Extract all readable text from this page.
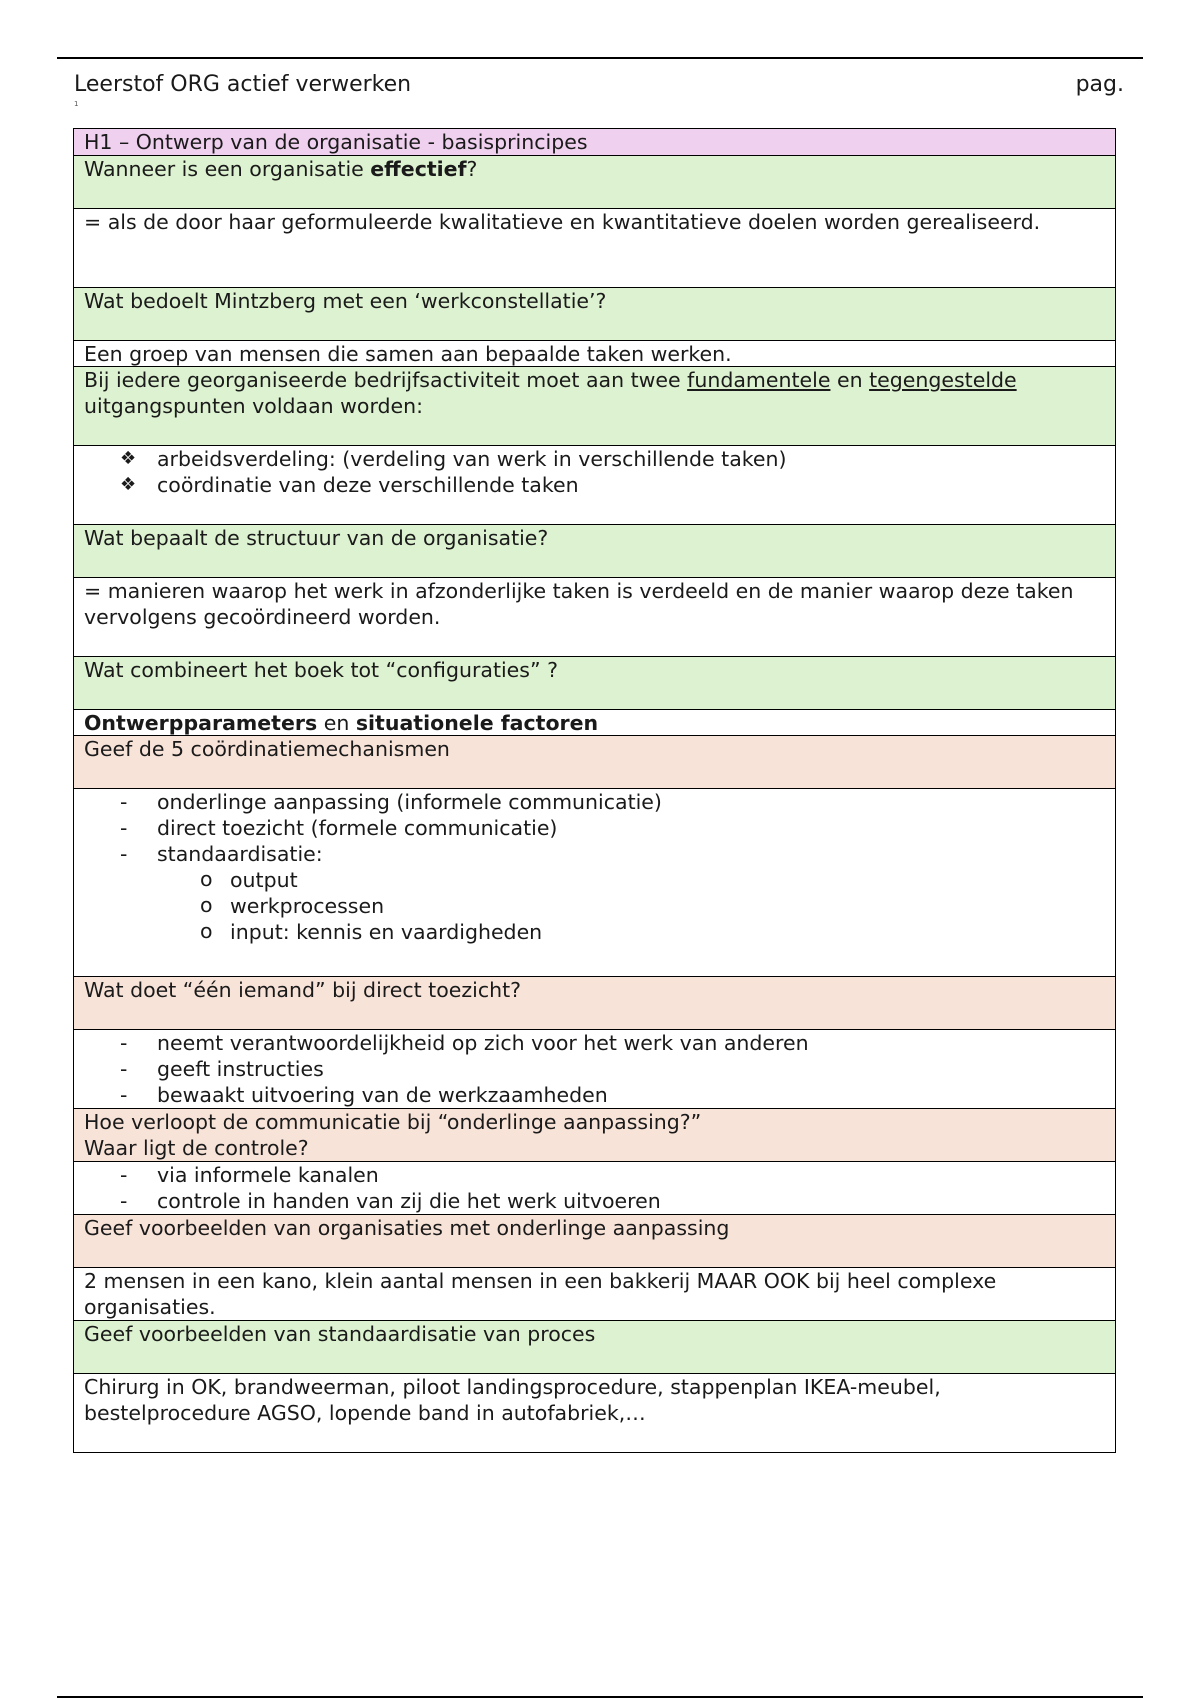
Leerstof ORG actief verwerken	pag.
1

H1 – Ontwerp van de organisatie - basisprincipes

Wanneer is een organisatie effectief?

= als de door haar geformuleerde kwalitatieve en kwantitatieve doelen worden gerealiseerd.

Wat bedoelt Mintzberg met een ‘werkconstellatie’?

Een groep van mensen die samen aan bepaalde taken werken.

Bij iedere georganiseerde bedrijfsactiviteit moet aan twee fundamentele en tegengestelde uitgangspunten voldaan worden:

❖ arbeidsverdeling: (verdeling van werk in verschillende taken)
❖ coördinatie van deze verschillende taken

Wat bepaalt de structuur van de organisatie?

= manieren waarop het werk in afzonderlijke taken is verdeeld en de manier waarop deze taken vervolgens gecoördineerd worden.

Wat combineert het boek tot “configuraties” ?

Ontwerpparameters en situationele factoren

Geef de 5 coördinatiemechanismen

- onderlinge aanpassing (informele communicatie)
- direct toezicht (formele communicatie)
- standaardisatie:
o output
o werkprocessen
o input: kennis en vaardigheden

Wat doet “één iemand” bij direct toezicht?

- neemt verantwoordelijkheid op zich voor het werk van anderen
- geeft instructies
- bewaakt uitvoering van de werkzaamheden

Hoe verloopt de communicatie bij “onderlinge aanpassing?”

Waar ligt de controle?

- via informele kanalen
- controle in handen van zij die het werk uitvoeren

Geef voorbeelden van organisaties met onderlinge aanpassing

2 mensen in een kano, klein aantal mensen in een bakkerij MAAR OOK bij heel complexe organisaties.

Geef voorbeelden van standaardisatie van proces

Chirurg in OK, brandweerman, piloot landingsprocedure, stappenplan IKEA-meubel, bestelprocedure AGSO, lopende band in autofabriek,…
